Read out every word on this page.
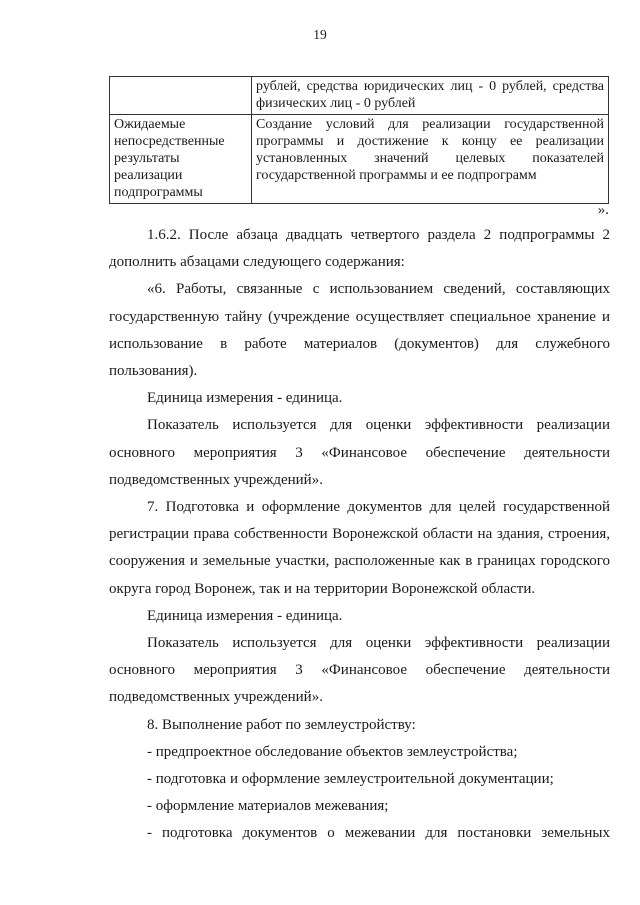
19
	рублей, средства юридических лиц - 0 рублей, средства физических лиц - 0 рублей
Ожидаемые непосредственные результаты реализации подпрограммы	Создание условий для реализации государственной программы и достижение к концу ее реализации установленных значений целевых показателей государственной программы и ее подпрограмм
».

1.6.2. После абзаца двадцать четвертого раздела 2 подпрограммы 2 дополнить абзацами следующего содержания:

«6. Работы, связанные с использованием сведений, составляющих государственную тайну (учреждение осуществляет специальное хранение и использование в работе материалов (документов) для служебного пользования).

Единица измерения - единица.

Показатель используется для оценки эффективности реализации основного мероприятия 3 «Финансовое обеспечение деятельности подведомственных учреждений».

7. Подготовка и оформление документов для целей государственной регистрации права собственности Воронежской области на здания, строения, сооружения и земельные участки, расположенные как в границах городского округа город Воронеж, так и на территории Воронежской области.

Единица измерения - единица.

Показатель используется для оценки эффективности реализации основного мероприятия 3 «Финансовое обеспечение деятельности подведомственных учреждений».

8. Выполнение работ по землеустройству:

- предпроектное обследование объектов землеустройства;

- подготовка и оформление землеустроительной документации;

- оформление материалов межевания;

- подготовка документов о межевании для постановки земельных
